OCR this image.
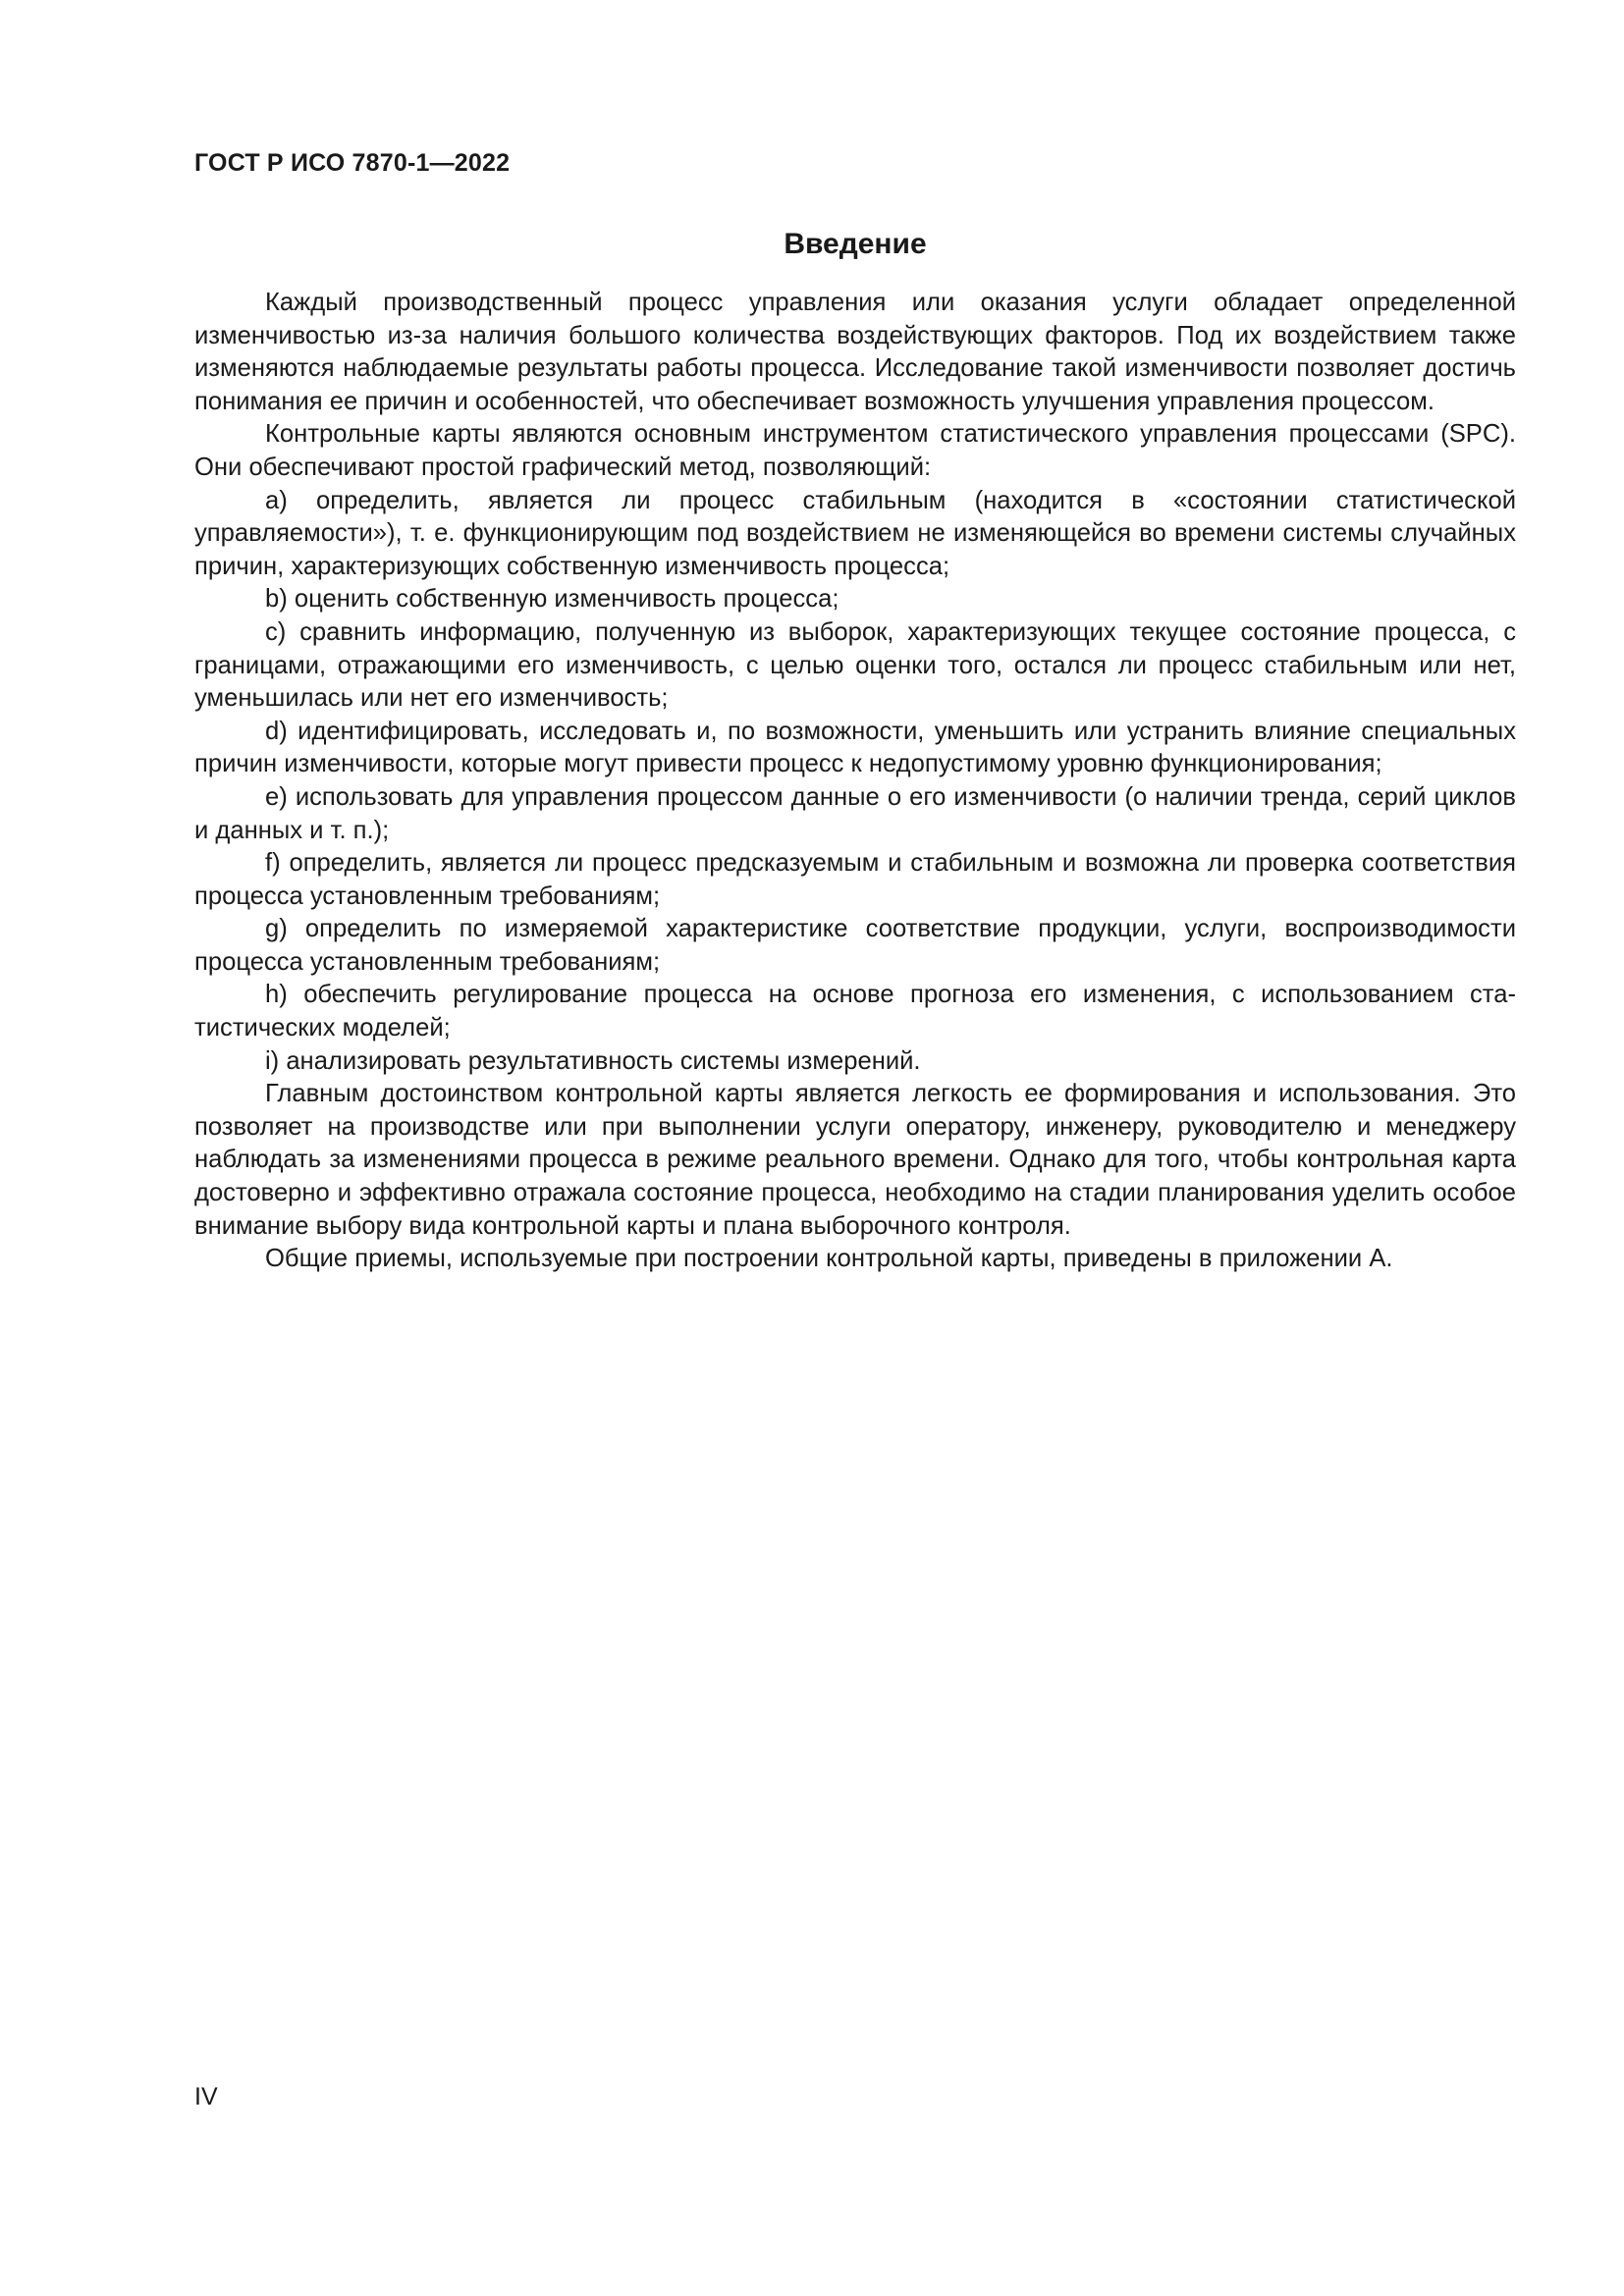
ГОСТ Р ИСО 7870-1—2022
Введение

Каждый производственный процесс управления или оказания услуги обладает определенной изменчивостью из-за наличия большого количества воздействующих факторов. Под их воздействием также изменяются наблюдаемые результаты работы процесса. Исследование такой изменчивости позволяет достичь понимания ее причин и особенностей, что обеспечивает возможность улучшения управления процессом.

Контрольные карты являются основным инструментом статистического управления процессами (SPC). Они обеспечивают простой графический метод, позволяющий:

a) определить, является ли процесс стабильным (находится в «состоянии статистической управляемости»), т. е. функционирующим под воздействием не изменяющейся во времени системы случайных причин, характеризующих собственную изменчивость процесса;

b) оценить собственную изменчивость процесса;

c) сравнить информацию, полученную из выборок, характеризующих текущее состояние процесса, с границами, отражающими его изменчивость, с целью оценки того, остался ли процесс стабильным или нет, уменьшилась или нет его изменчивость;

d) идентифицировать, исследовать и, по возможности, уменьшить или устранить влияние специальных причин изменчивости, которые могут привести процесс к недопустимому уровню функционирования;

e) использовать для управления процессом данные о его изменчивости (о наличии тренда, серий циклов и данных и т. п.);

f) определить, является ли процесс предсказуемым и стабильным и возможна ли проверка соответствия процесса установленным требованиям;

g) определить по измеряемой характеристике соответствие продукции, услуги, воспроизводимости процесса установленным требованиям;

h) обеспечить регулирование процесса на основе прогноза его изменения, с использованием статистических моделей;

i) анализировать результативность системы измерений.

Главным достоинством контрольной карты является легкость ее формирования и использования. Это позволяет на производстве или при выполнении услуги оператору, инженеру, руководителю и менеджеру наблюдать за изменениями процесса в режиме реального времени. Однако для того, чтобы контрольная карта достоверно и эффективно отражала состояние процесса, необходимо на стадии планирования уделить особое внимание выбору вида контрольной карты и плана выборочного контроля.

Общие приемы, используемые при построении контрольной карты, приведены в приложении А.

IV
